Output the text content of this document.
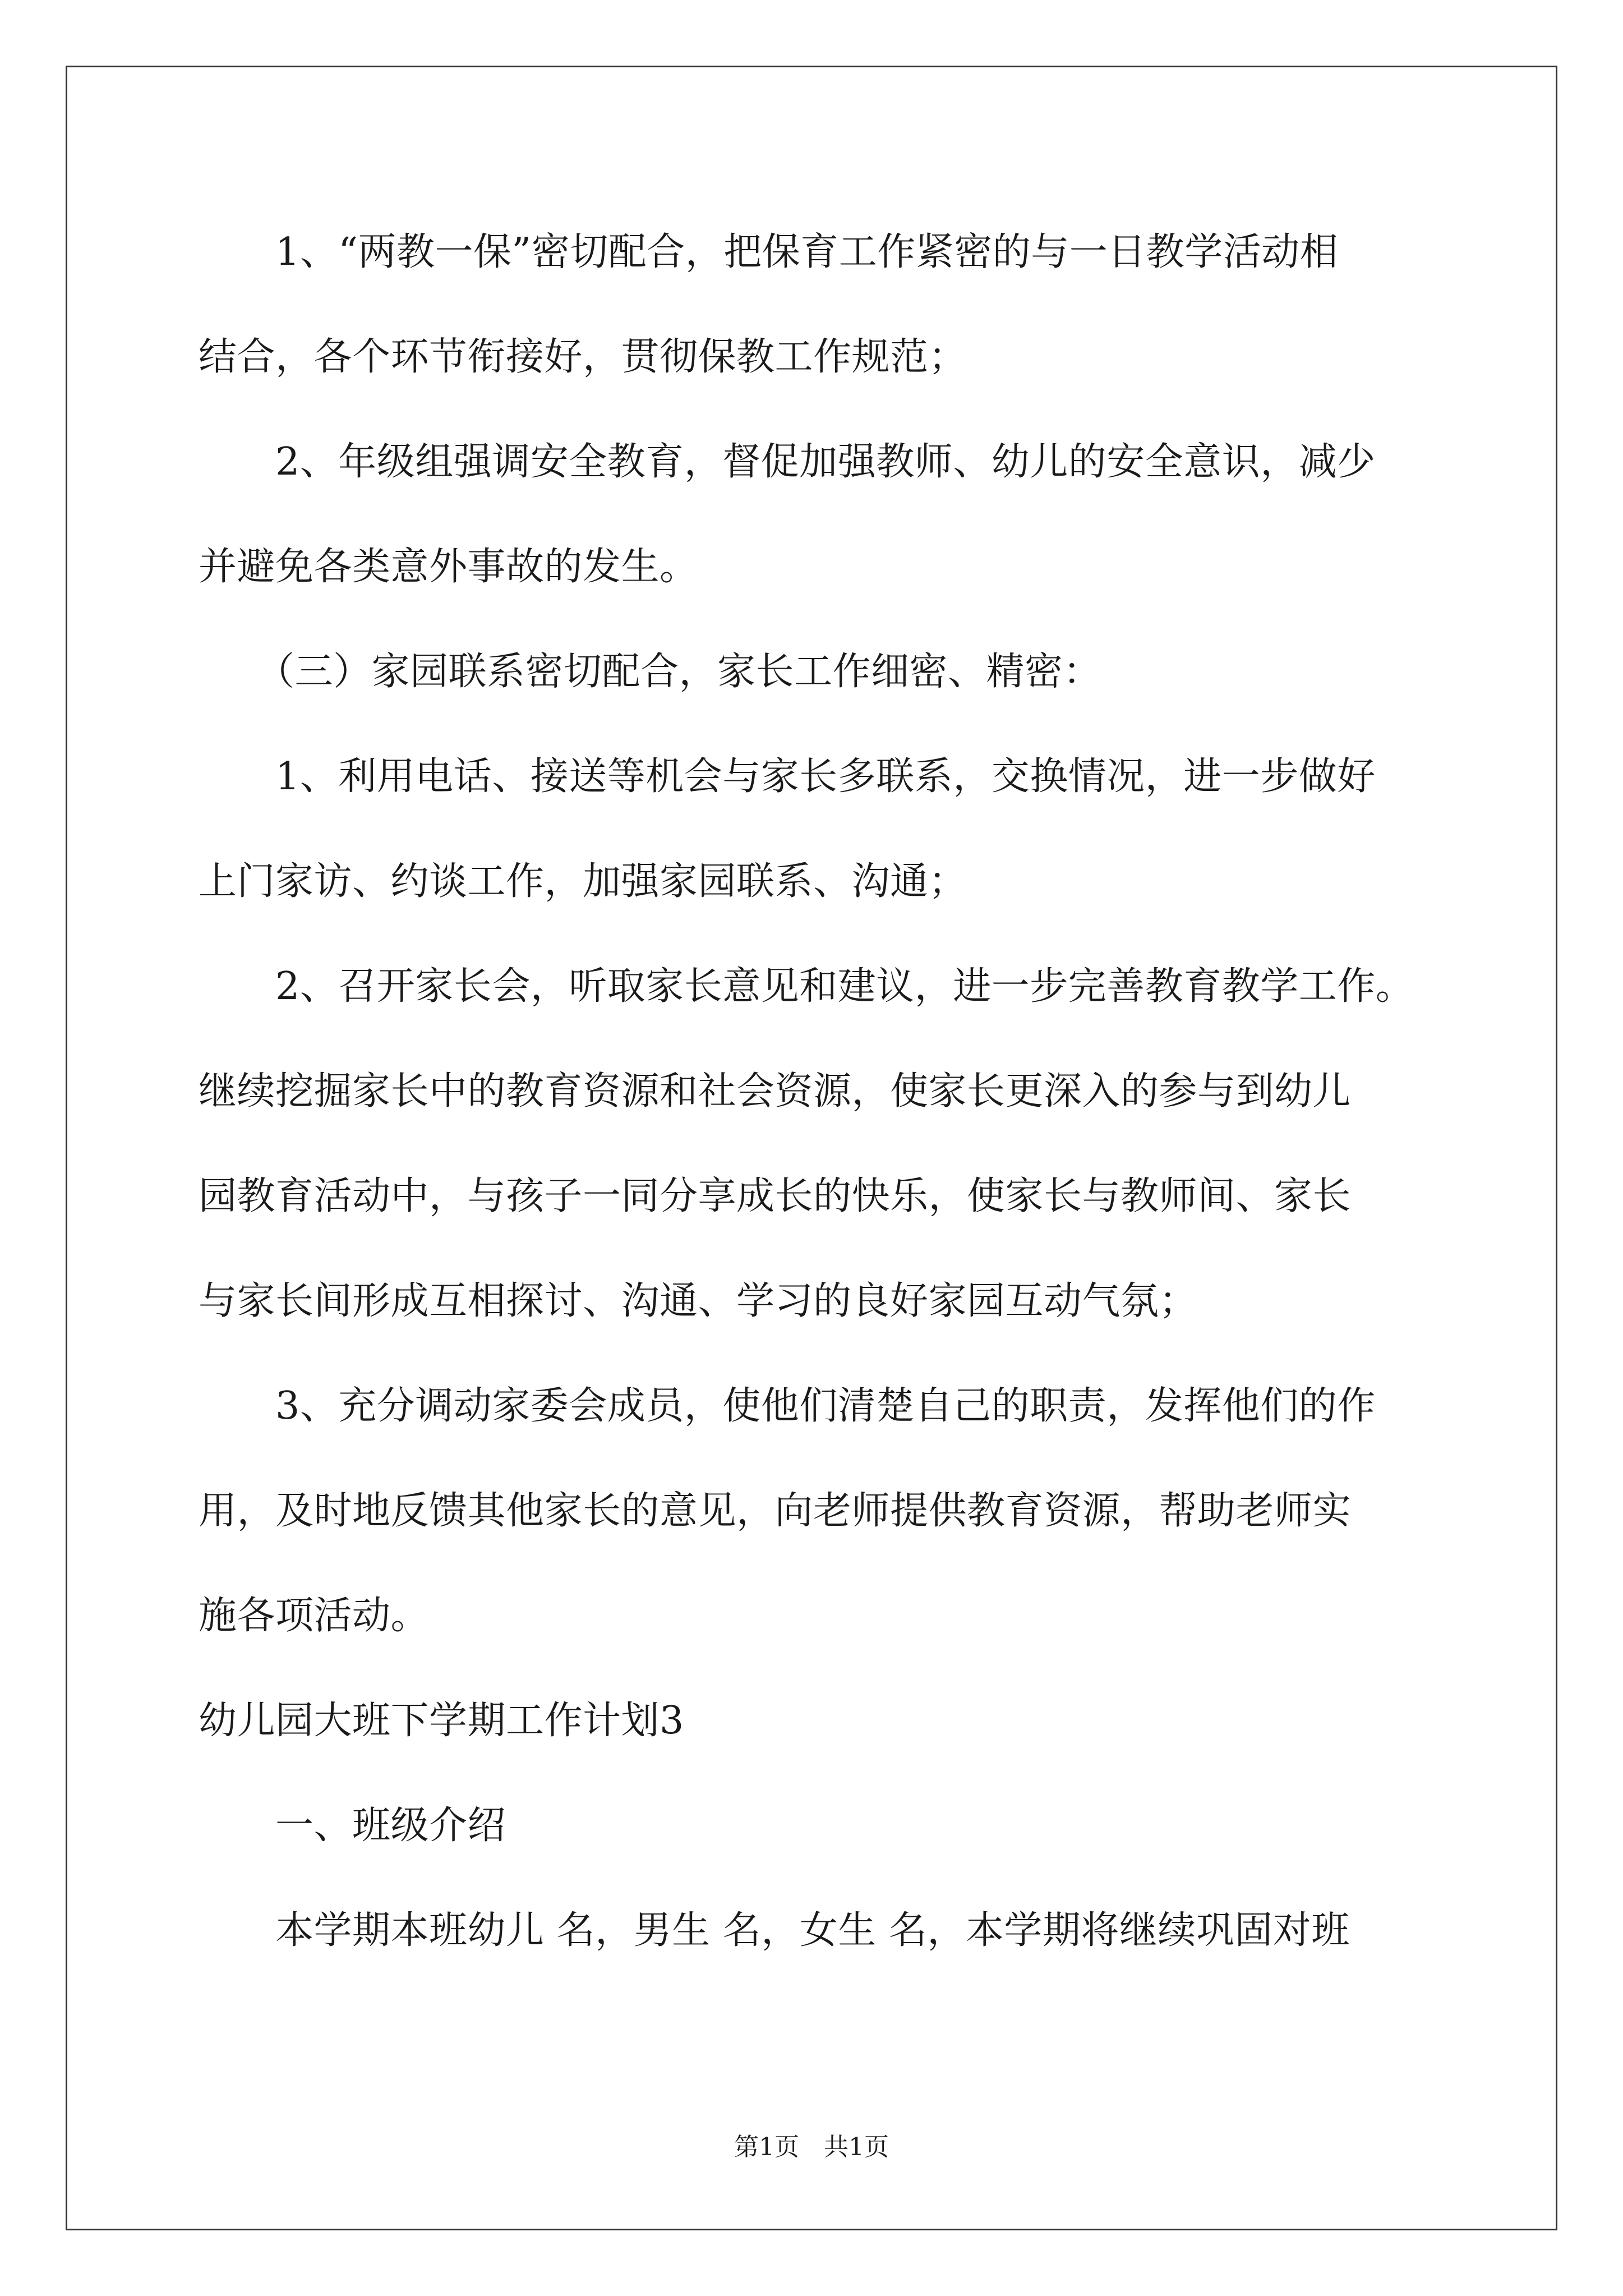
　　1、“两教一保”密切配合，把保育工作紧密的与一日教学活动相
结合，各个环节衔接好，贯彻保教工作规范；
　　2、年级组强调安全教育，督促加强教师、幼儿的安全意识，减少
并避免各类意外事故的发生。
　　（三）家园联系密切配合，家长工作细密、精密：
　　1、利用电话、接送等机会与家长多联系，交换情况，进一步做好
上门家访、约谈工作，加强家园联系、沟通；
　　2、召开家长会，听取家长意见和建议，进一步完善教育教学工作。
继续挖掘家长中的教育资源和社会资源，使家长更深入的参与到幼儿
园教育活动中，与孩子一同分享成长的快乐，使家长与教师间、家长
与家长间形成互相探讨、沟通、学习的良好家园互动气氛；
　　3、充分调动家委会成员，使他们清楚自己的职责，发挥他们的作
用，及时地反馈其他家长的意见，向老师提供教育资源，帮助老师实
施各项活动。
幼儿园大班下学期工作计划3
　　一、班级介绍
　　本学期本班幼儿 名，男生 名，女生 名，本学期将继续巩固对班
第1页　共1页
